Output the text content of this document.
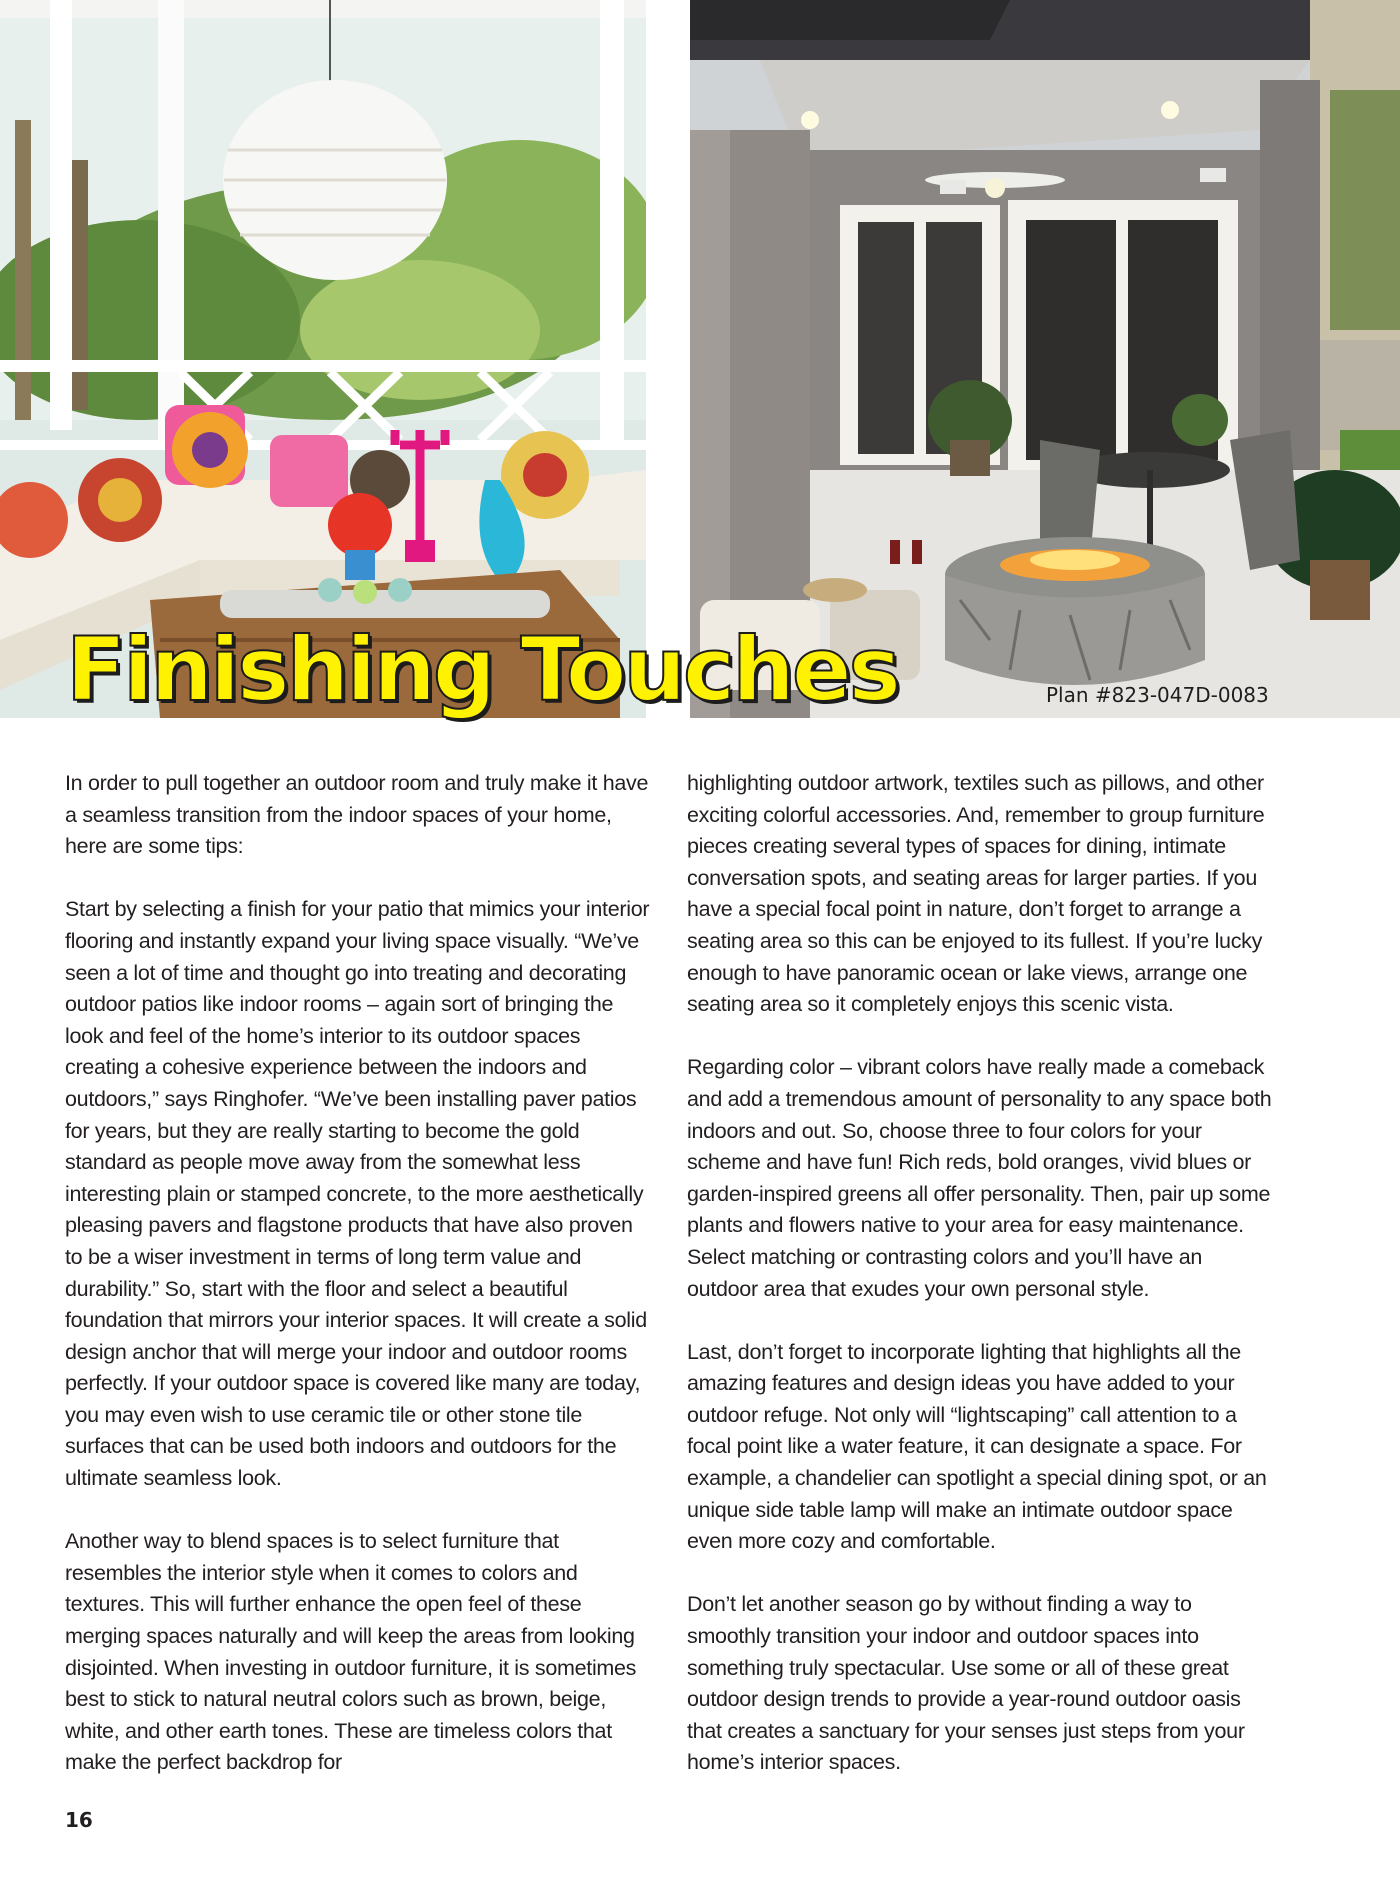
Finishing Touches	Plan #823-047D-0083

In order to pull together an outdoor room and truly make it have a seamless transition from the indoor spaces of your home, here are some tips:

Start by selecting a finish for your patio that mimics your interior flooring and instantly expand your living space visually. “We’ve seen a lot of time and thought go into treating and decorating outdoor patios like indoor rooms – again sort of bringing the look and feel of the home’s interior to its outdoor spaces creating a cohesive experience between the indoors and outdoors,” says Ringhofer. “We’ve been installing paver patios for years, but they are really starting to become the gold standard as people move away from the somewhat less interesting plain or stamped concrete, to the more aesthetically pleasing pavers and flagstone products that have also proven to be a wiser investment in terms of long term value and durability.” So, start with the floor and select a beautiful foundation that mirrors your interior spaces. It will create a solid design anchor that will merge your indoor and outdoor rooms perfectly. If your outdoor space is covered like many are today, you may even wish to use ceramic tile or other stone tile surfaces that can be used both indoors and outdoors for the ultimate seamless look.

Another way to blend spaces is to select furniture that resembles the interior style when it comes to colors and textures. This will further enhance the open feel of these merging spaces naturally and will keep the areas from looking disjointed. When investing in outdoor furniture, it is sometimes best to stick to natural neutral colors such as brown, beige, white, and other earth tones. These are timeless colors that make the perfect backdrop for

highlighting outdoor artwork, textiles such as pillows, and other exciting colorful accessories. And, remember to group furniture pieces creating several types of spaces for dining, intimate conversation spots, and seating areas for larger parties. If you have a special focal point in nature, don’t forget to arrange a seating area so this can be enjoyed to its fullest. If you’re lucky enough to have panoramic ocean or lake views, arrange one seating area so it completely enjoys this scenic vista.

Regarding color – vibrant colors have really made a comeback and add a tremendous amount of personality to any space both indoors and out. So, choose three to four colors for your scheme and have fun! Rich reds, bold oranges, vivid blues or garden-inspired greens all offer personality. Then, pair up some plants and flowers native to your area for easy maintenance. Select matching or contrasting colors and you’ll have an outdoor area that exudes your own personal style.

Last, don’t forget to incorporate lighting that highlights all the amazing features and design ideas you have added to your outdoor refuge. Not only will “lightscaping” call attention to a focal point like a water feature, it can designate a space. For example, a chandelier can spotlight a special dining spot, or an unique side table lamp will make an intimate outdoor space even more cozy and comfortable.

Don’t let another season go by without finding a way to smoothly transition your indoor and outdoor spaces into something truly spectacular. Use some or all of these great outdoor design trends to provide a year-round outdoor oasis that creates a sanctuary for your senses just steps from your home’s interior spaces.

16
